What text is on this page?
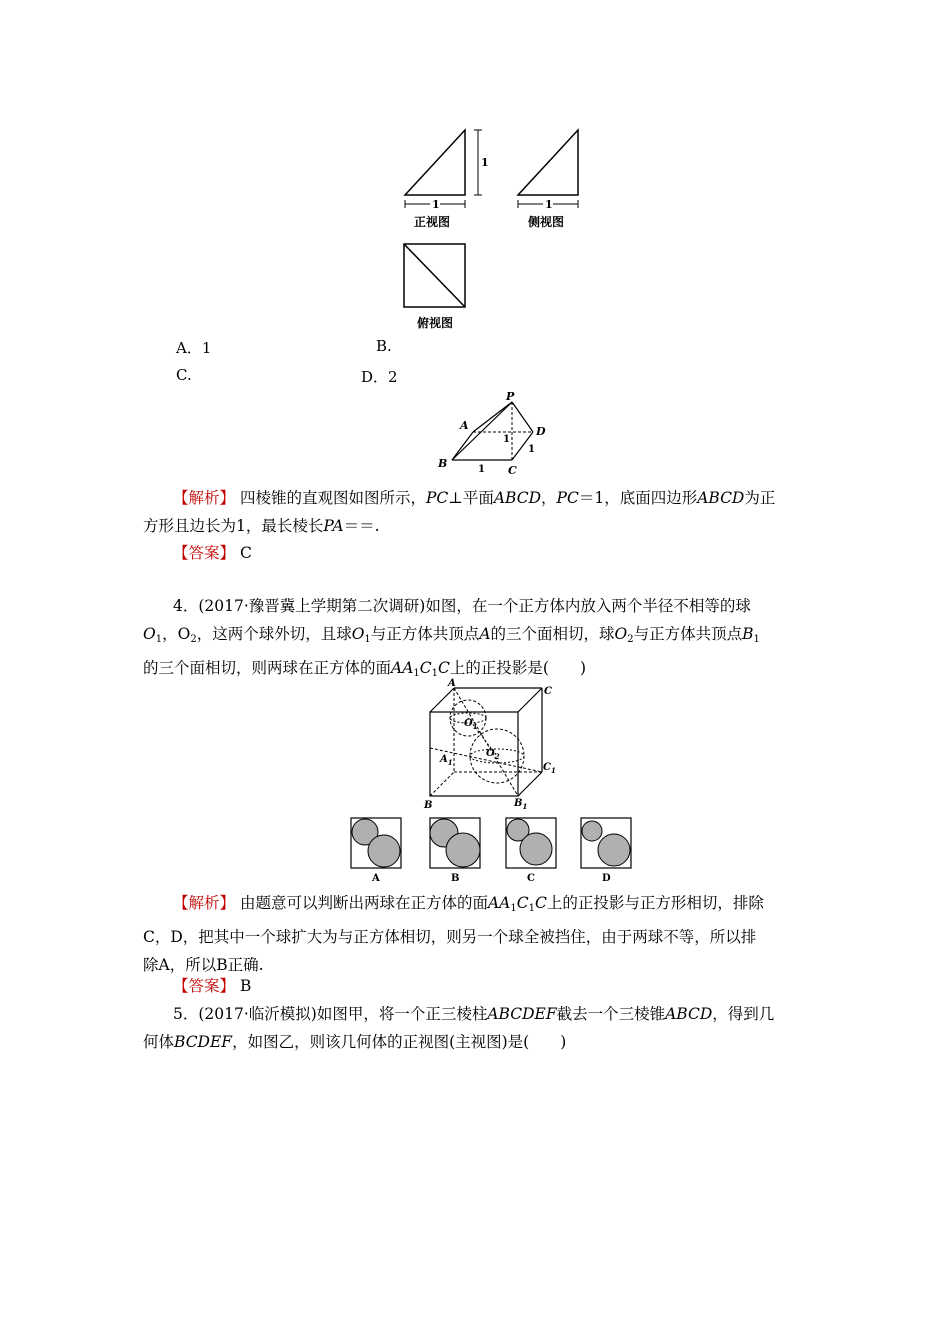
1
1	1
正视图	侧视图
俯视图
A．1	B.
C.	D．2
P
A
B
C
D
1
1
1
【解析】 四棱锥的直观图如图所示，PC⊥平面ABCD，PC＝1，底面四边形ABCD为正
方形且边长为1，最长棱长PA＝＝.
【答案】 C
4．(2017·豫晋冀上学期第二次调研)如图，在一个正方体内放入两个半径不相等的球
$O_1$，$O_2$，这两个球外切，且球$O_1$与正方体共顶点A的三个面相切，球$O_2$与正方体共顶点$B_1$
的三个面相切，则两球在正方体的面$AA_1C_1C$上的正投影是(　　)
A
C
$O_1$
$O_2$
$A_1$	$C_1$
B	$B_1$
A	B	C	D
【解析】 由题意可以判断出两球在正方体的面$AA_1C_1C$上的正投影与正方形相切，排除
C，D，把其中一个球扩大为与正方体相切，则另一个球全被挡住，由于两球不等，所以排
除A，所以B正确.
【答案】 B
5．(2017·临沂模拟)如图甲，将一个正三棱柱ABCDEF截去一个三棱锥ABCD，得到几
何体BCDEF，如图乙，则该几何体的正视图(主视图)是(　　)
